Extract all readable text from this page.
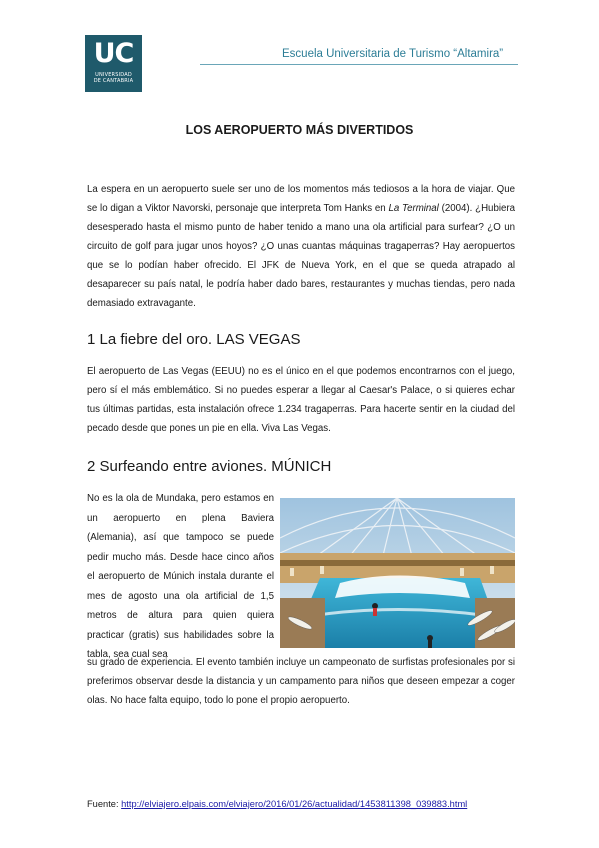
UC
UNIVERSIDAD
DE CANTABRIA
Escuela Universitaria de Turismo “Altamira”
LOS AEROPUERTO MÁS DIVERTIDOS

La espera en un aeropuerto suele ser uno de los momentos más tediosos a la hora de viajar. Que se lo digan a Viktor Navorski, personaje que interpreta Tom Hanks en La Terminal (2004). ¿Hubiera desesperado hasta el mismo punto de haber tenido a mano una ola artificial para surfear? ¿O un circuito de golf para jugar unos hoyos? ¿O unas cuantas máquinas tragaperras? Hay aeropuertos que se lo podían haber ofrecido. El JFK de Nueva York, en el que se queda atrapado al desaparecer su país natal, le podría haber dado bares, restaurantes y muchas tiendas, pero nada demasiado extravagante.

1 La fiebre del oro. LAS VEGAS

El aeropuerto de Las Vegas (EEUU) no es el único en el que podemos encontrarnos con el juego, pero sí el más emblemático. Si no puedes esperar a llegar al Caesar's Palace, o si quieres echar tus últimas partidas, esta instalación ofrece 1.234 tragaperras. Para hacerte sentir en la ciudad del pecado desde que pones un pie en ella. Viva Las Vegas.

2 Surfeando entre aviones. MÚNICH

No es la ola de Mundaka, pero estamos en un aeropuerto en plena Baviera (Alemania), así que tampoco se puede pedir mucho más. Desde hace cinco años el aeropuerto de Múnich instala durante el mes de agosto una ola artificial de 1,5 metros de altura para quien quiera practicar (gratis) sus habilidades sobre la tabla, sea cual sea

su grado de experiencia. El evento también incluye un campeonato de surfistas profesionales por si preferimos observar desde la distancia y un campamento para niños que deseen empezar a coger olas. No hace falta equipo, todo lo pone el propio aeropuerto.

Fuente: http://elviajero.elpais.com/elviajero/2016/01/26/actualidad/1453811398_039883.html
